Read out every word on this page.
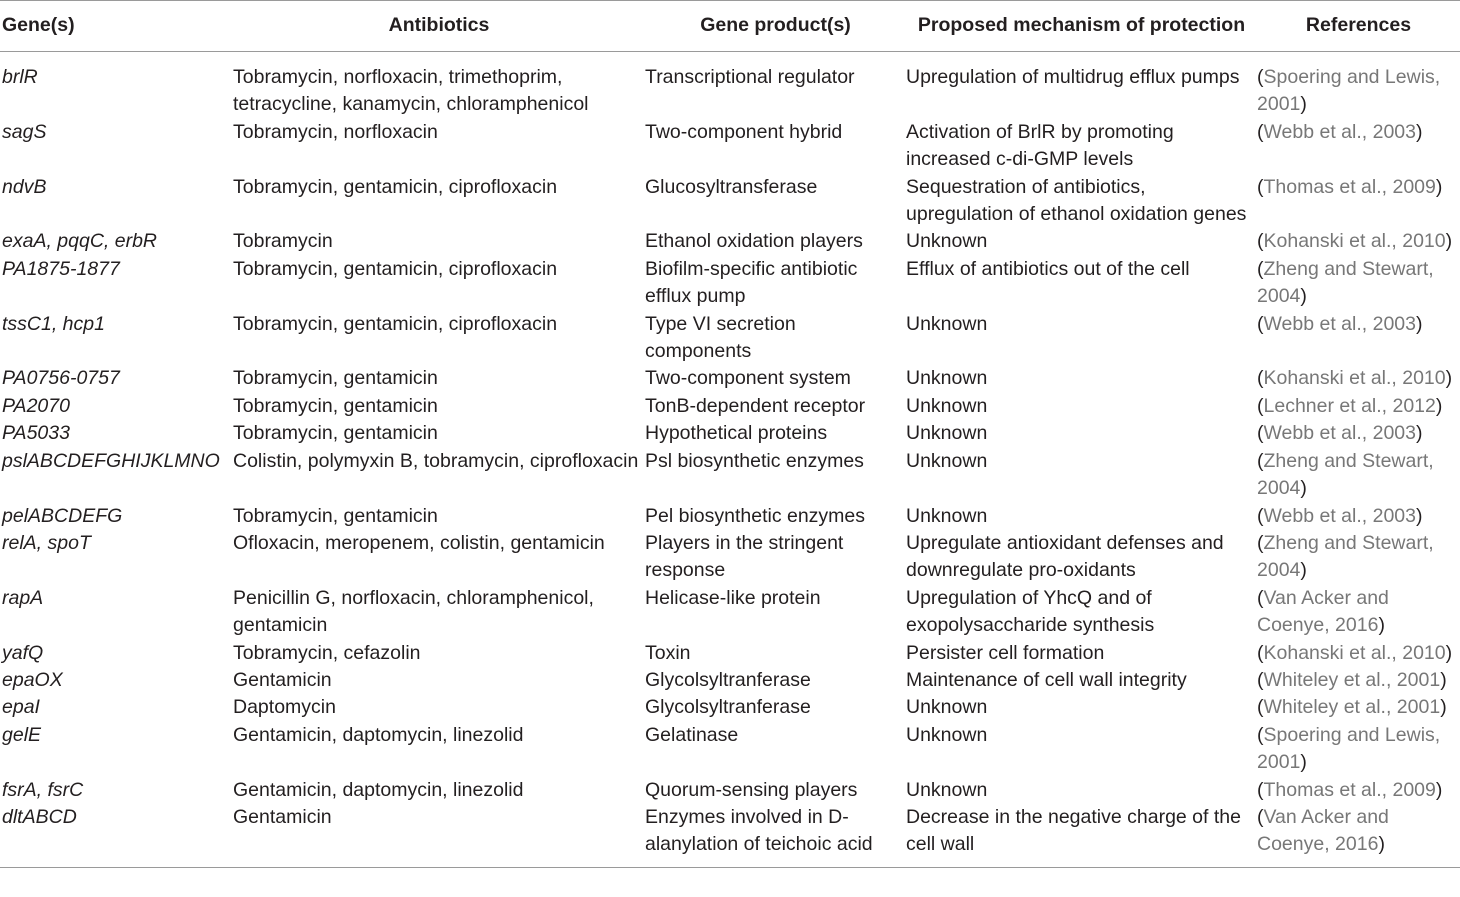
Gene(s)	Antibiotics	Gene product(s)	Proposed mechanism of protection	References
brlR	Tobramycin, norfloxacin, trimethoprim, tetracycline, kanamycin, chloramphenicol	Transcriptional regulator	Upregulation of multidrug efflux pumps	(Spoering and Lewis, 2001)
sagS	Tobramycin, norfloxacin	Two-component hybrid	Activation of BrlR by promoting increased c-di-GMP levels	(Webb et al., 2003)
ndvB	Tobramycin, gentamicin, ciprofloxacin	Glucosyltransferase	Sequestration of antibiotics, upregulation of ethanol oxidation genes	(Thomas et al., 2009)
exaA, pqqC, erbR	Tobramycin	Ethanol oxidation players	Unknown	(Kohanski et al., 2010)
PA1875-1877	Tobramycin, gentamicin, ciprofloxacin	Biofilm-specific antibiotic efflux pump	Efflux of antibiotics out of the cell	(Zheng and Stewart, 2004)
tssC1, hcp1	Tobramycin, gentamicin, ciprofloxacin	Type VI secretion components	Unknown	(Webb et al., 2003)
PA0756-0757	Tobramycin, gentamicin	Two-component system	Unknown	(Kohanski et al., 2010)
PA2070	Tobramycin, gentamicin	TonB-dependent receptor	Unknown	(Lechner et al., 2012)
PA5033	Tobramycin, gentamicin	Hypothetical proteins	Unknown	(Webb et al., 2003)
pslABCDEFGHIJKLMNO	Colistin, polymyxin B, tobramycin, ciprofloxacin	Psl biosynthetic enzymes	Unknown	(Zheng and Stewart, 2004)
pelABCDEFG	Tobramycin, gentamicin	Pel biosynthetic enzymes	Unknown	(Webb et al., 2003)
relA, spoT	Ofloxacin, meropenem, colistin, gentamicin	Players in the stringent response	Upregulate antioxidant defenses and downregulate pro-oxidants	(Zheng and Stewart, 2004)
rapA	Penicillin G, norfloxacin, chloramphenicol, gentamicin	Helicase-like protein	Upregulation of YhcQ and of exopolysaccharide synthesis	(Van Acker and Coenye, 2016)
yafQ	Tobramycin, cefazolin	Toxin	Persister cell formation	(Kohanski et al., 2010)
epaOX	Gentamicin	Glycolsyltranferase	Maintenance of cell wall integrity	(Whiteley et al., 2001)
epaI	Daptomycin	Glycolsyltranferase	Unknown	(Whiteley et al., 2001)
gelE	Gentamicin, daptomycin, linezolid	Gelatinase	Unknown	(Spoering and Lewis, 2001)
fsrA, fsrC	Gentamicin, daptomycin, linezolid	Quorum-sensing players	Unknown	(Thomas et al., 2009)
dltABCD	Gentamicin	Enzymes involved in D-alanylation of teichoic acid	Decrease in the negative charge of the cell wall	(Van Acker and Coenye, 2016)
